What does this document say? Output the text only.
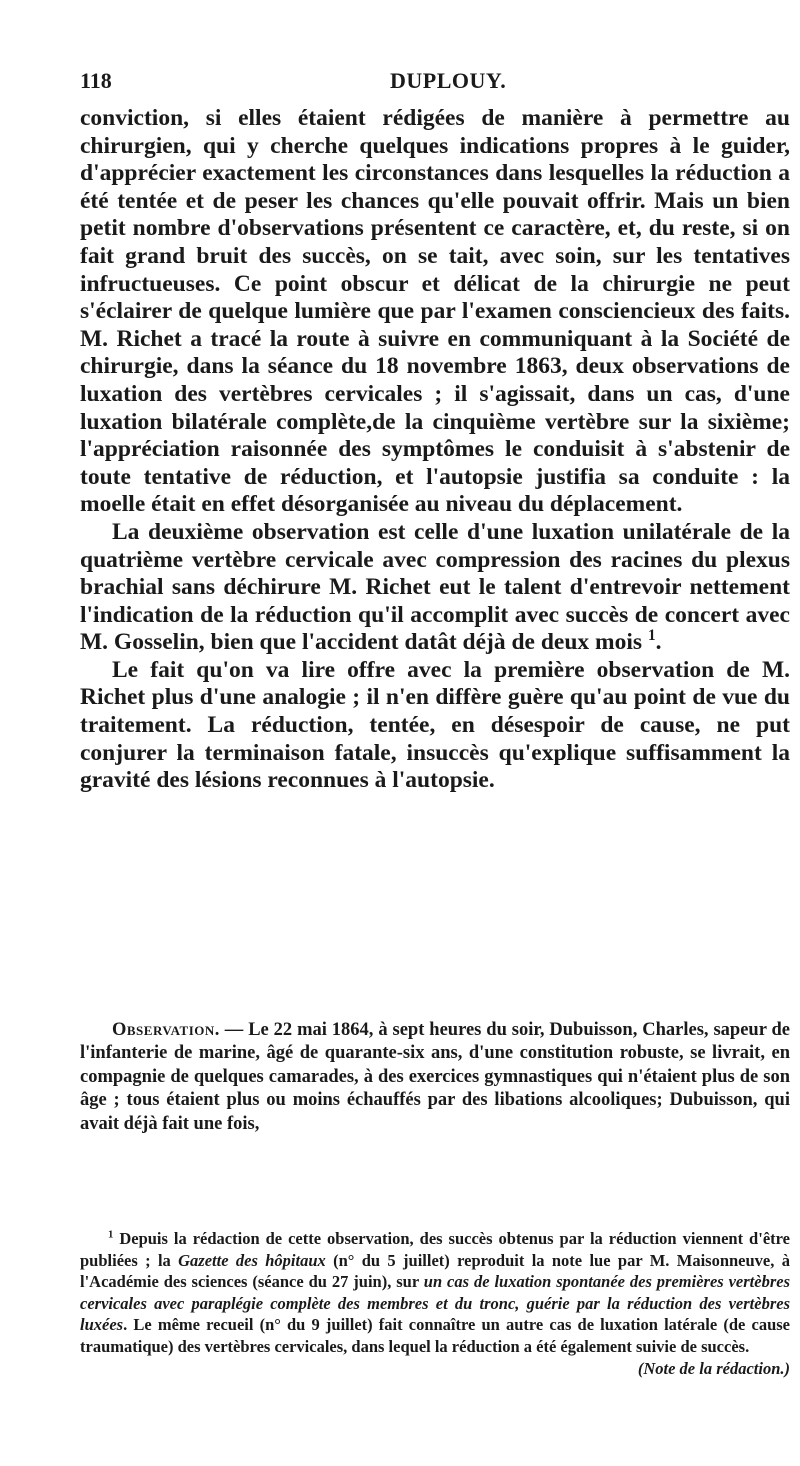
118	DUPLOUY.

conviction, si elles étaient rédigées de manière à permettre au chirurgien, qui y cherche quelques indications propres à le guider, d'apprécier exactement les circonstances dans lesquelles la réduction a été tentée et de peser les chances qu'elle pouvait offrir. Mais un bien petit nombre d'observations présentent ce caractère, et, du reste, si on fait grand bruit des succès, on se tait, avec soin, sur les tentatives infructueuses. Ce point obscur et délicat de la chirurgie ne peut s'éclairer de quelque lumière que par l'examen consciencieux des faits. M. Richet a tracé la route à suivre en communiquant à la Société de chirurgie, dans la séance du 18 novembre 1863, deux observations de luxation des vertèbres cervicales ; il s'agissait, dans un cas, d'une luxation bilatérale complète,de la cinquième vertèbre sur la sixième; l'appréciation raisonnée des symptômes le conduisit à s'abstenir de toute tentative de réduction, et l'autopsie justifia sa conduite : la moelle était en effet désorganisée au niveau du déplacement.

La deuxième observation est celle d'une luxation unilatérale de la quatrième vertèbre cervicale avec compression des racines du plexus brachial sans déchirure M. Richet eut le talent d'entrevoir nettement l'indication de la réduction qu'il accomplit avec succès de concert avec M. Gosselin, bien que l'accident datât déjà de deux mois $^1$.

Le fait qu'on va lire offre avec la première observation de M. Richet plus d'une analogie ; il n'en diffère guère qu'au point de vue du traitement. La réduction, tentée, en désespoir de cause, ne put conjurer la terminaison fatale, insuccès qu'explique suffisamment la gravité des lésions reconnues à l'autopsie.

Observation. — Le 22 mai 1864, à sept heures du soir, Dubuisson, Charles, sapeur de l'infanterie de marine, âgé de quarante-six ans, d'une constitution robuste, se livrait, en compagnie de quelques camarades, à des exercices gymnastiques qui n'étaient plus de son âge ; tous étaient plus ou moins échauffés par des libations alcooliques; Dubuisson, qui avait déjà fait une fois,

$^1$ Depuis la rédaction de cette observation, des succès obtenus par la réduction viennent d'être publiées ; la Gazette des hôpitaux (n° du 5 juillet) reproduit la note lue par M. Maisonneuve, à l'Académie des sciences (séance du 27 juin), sur un cas de luxation spontanée des premières vertèbres cervicales avec paraplégie complète des membres et du tronc, guérie par la réduction des vertèbres luxées. Le même recueil (n° du 9 juillet) fait connaître un autre cas de luxation latérale (de cause traumatique) des vertèbres cervicales, dans lequel la réduction a été également suivie de succès.
(Note de la rédaction.)
